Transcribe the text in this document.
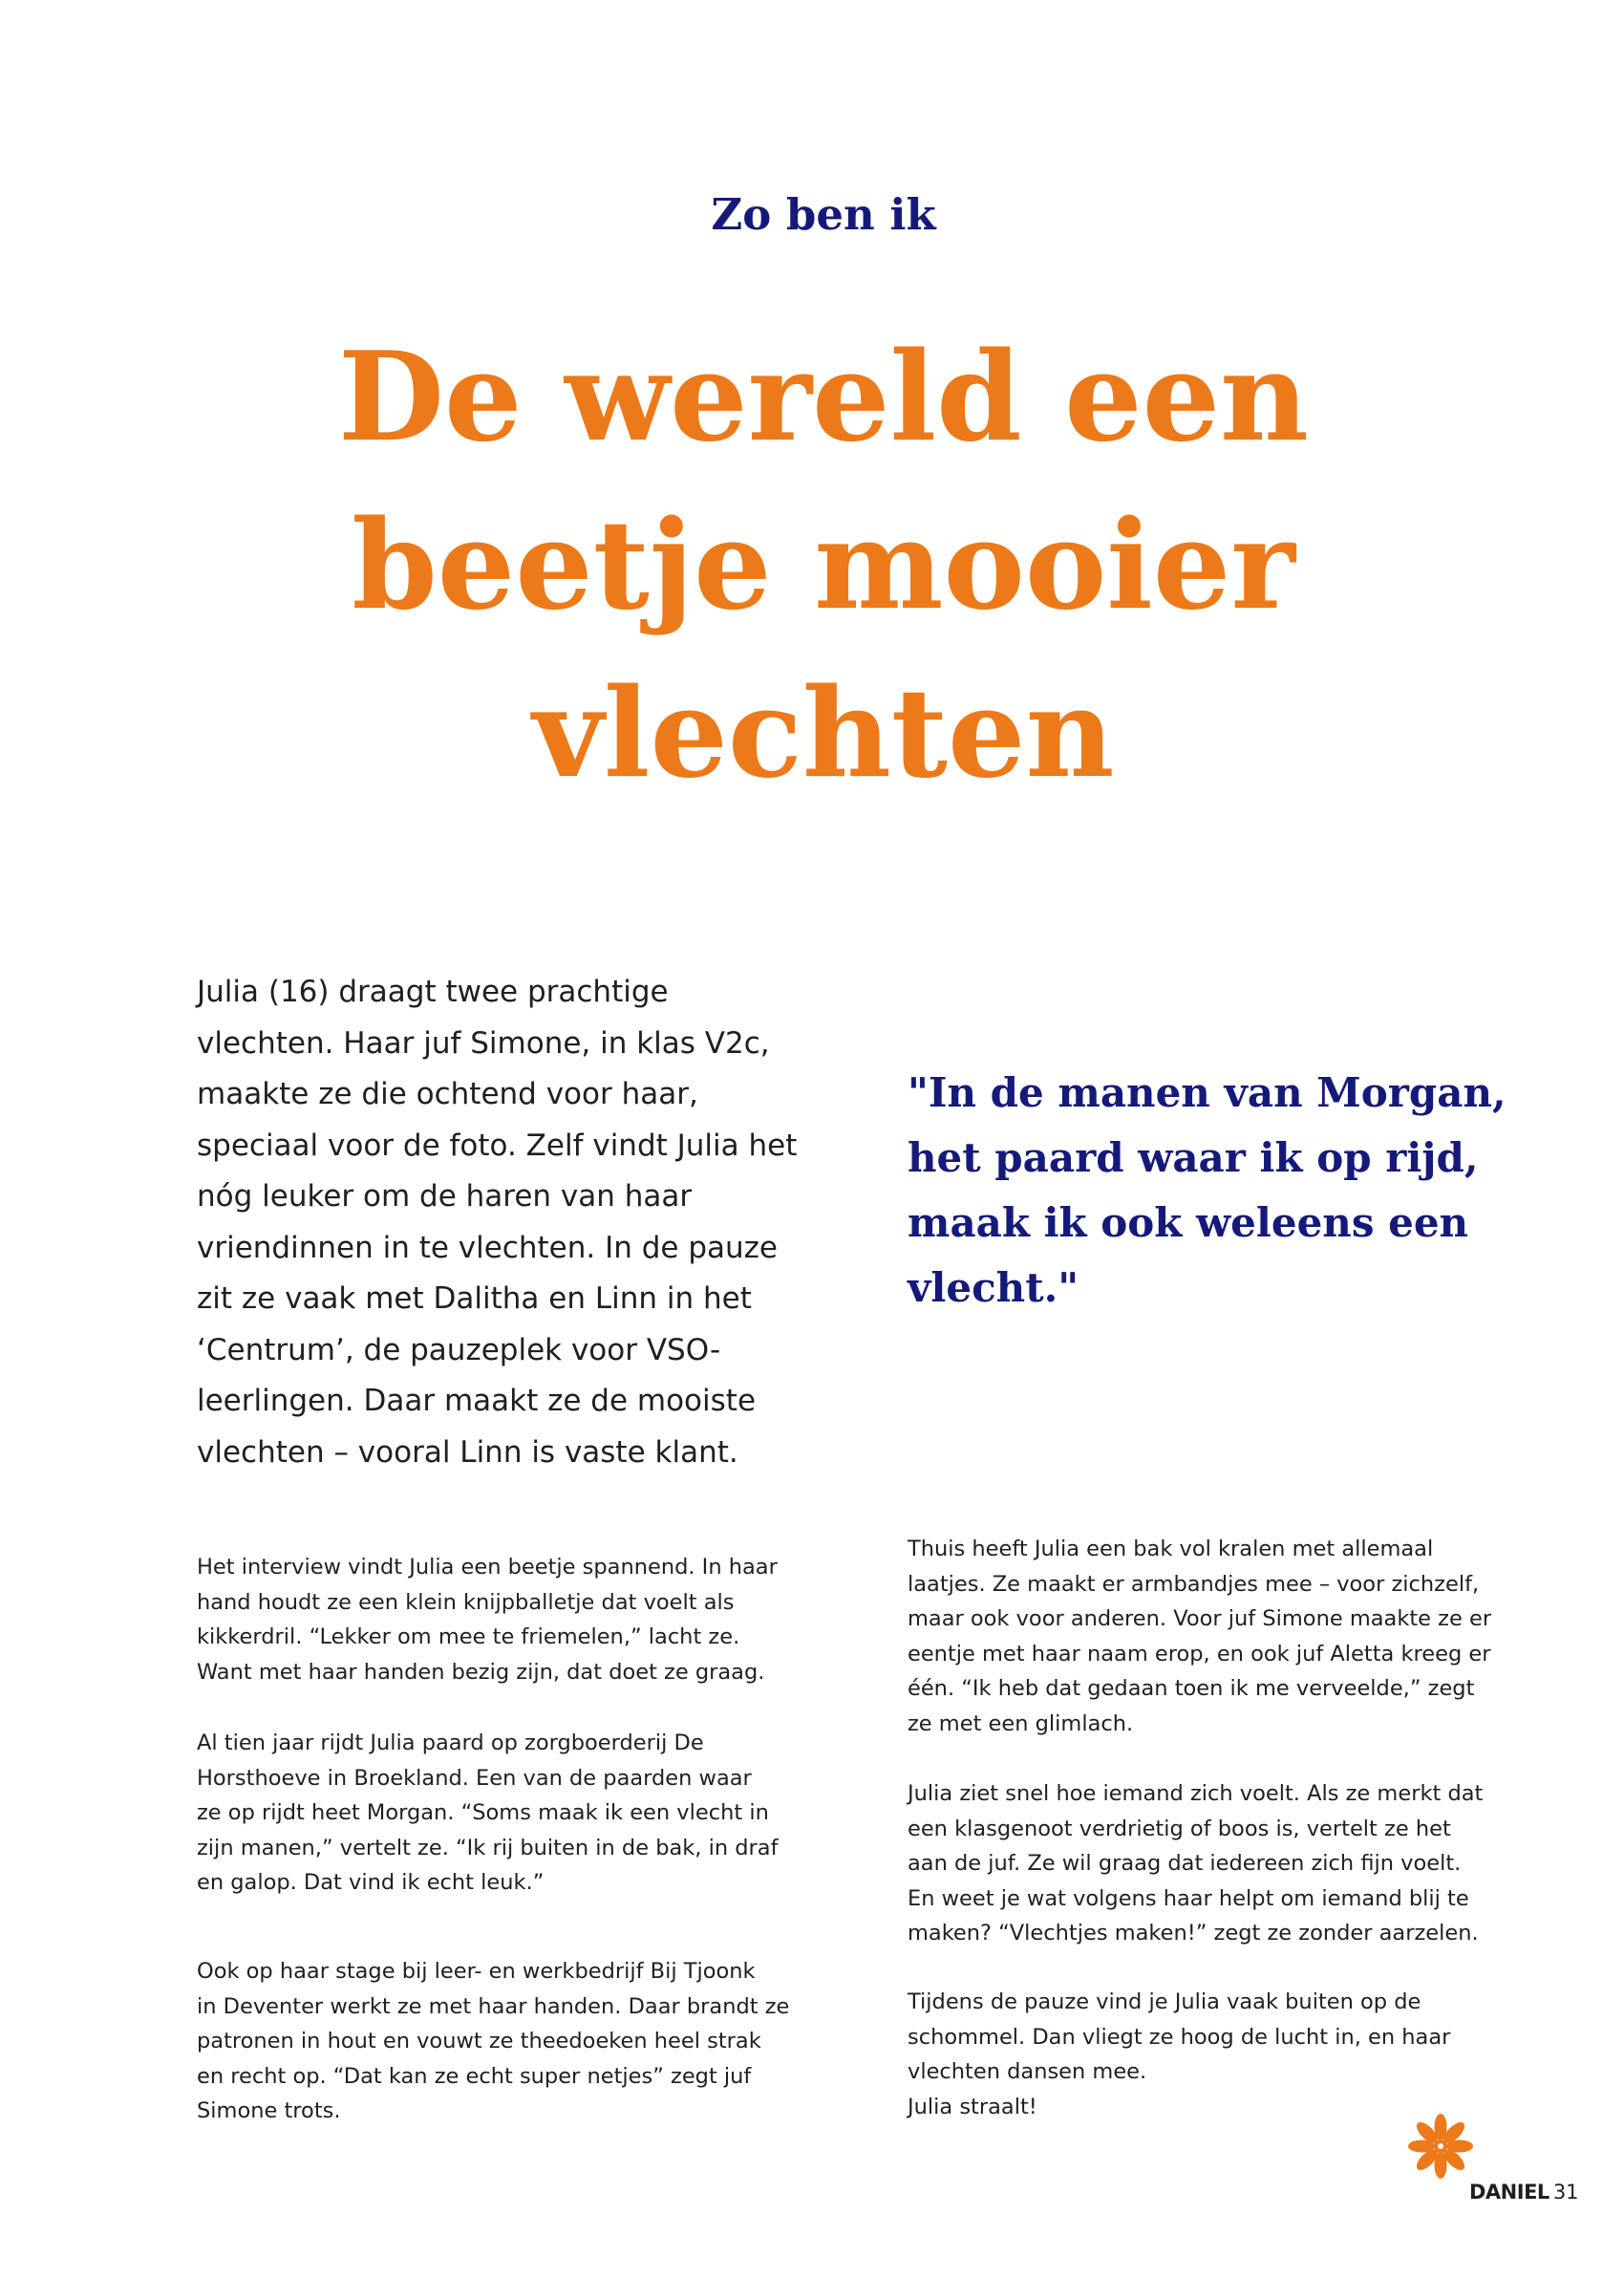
Zo ben ik
De wereld een
beetje mooier
vlechten
Julia (16) draagt twee prachtige
vlechten. Haar juf Simone, in klas V2c,
maakte ze die ochtend voor haar,
speciaal voor de foto. Zelf vindt Julia het
nóg leuker om de haren van haar
vriendinnen in te vlechten. In de pauze
zit ze vaak met Dalitha en Linn in het
‘Centrum’, de pauzeplek voor VSO-
leerlingen. Daar maakt ze de mooiste
vlechten – vooral Linn is vaste klant.
"In de manen van Morgan,
het paard waar ik op rijd,
maak ik ook weleens een
vlecht."

Het interview vindt Julia een beetje spannend. In haar
hand houdt ze een klein knijpballetje dat voelt als
kikkerdril. “Lekker om mee te friemelen,” lacht ze.
Want met haar handen bezig zijn, dat doet ze graag.

Al tien jaar rijdt Julia paard op zorgboerderij De
Horsthoeve in Broekland. Een van de paarden waar
ze op rijdt heet Morgan. “Soms maak ik een vlecht in
zijn manen,” vertelt ze. “Ik rij buiten in de bak, in draf
en galop. Dat vind ik echt leuk.”

Ook op haar stage bij leer- en werkbedrijf Bij Tjoonk
in Deventer werkt ze met haar handen. Daar brandt ze
patronen in hout en vouwt ze theedoeken heel strak
en recht op. “Dat kan ze echt super netjes” zegt juf
Simone trots.

Thuis heeft Julia een bak vol kralen met allemaal
laatjes. Ze maakt er armbandjes mee – voor zichzelf,
maar ook voor anderen. Voor juf Simone maakte ze er
eentje met haar naam erop, en ook juf Aletta kreeg er
één. “Ik heb dat gedaan toen ik me verveelde,” zegt
ze met een glimlach.

Julia ziet snel hoe iemand zich voelt. Als ze merkt dat
een klasgenoot verdrietig of boos is, vertelt ze het
aan de juf. Ze wil graag dat iedereen zich fijn voelt.
En weet je wat volgens haar helpt om iemand blij te
maken? “Vlechtjes maken!” zegt ze zonder aarzelen.

Tijdens de pauze vind je Julia vaak buiten op de
schommel. Dan vliegt ze hoog de lucht in, en haar
vlechten dansen mee.
Julia straalt!

DANIEL 31
